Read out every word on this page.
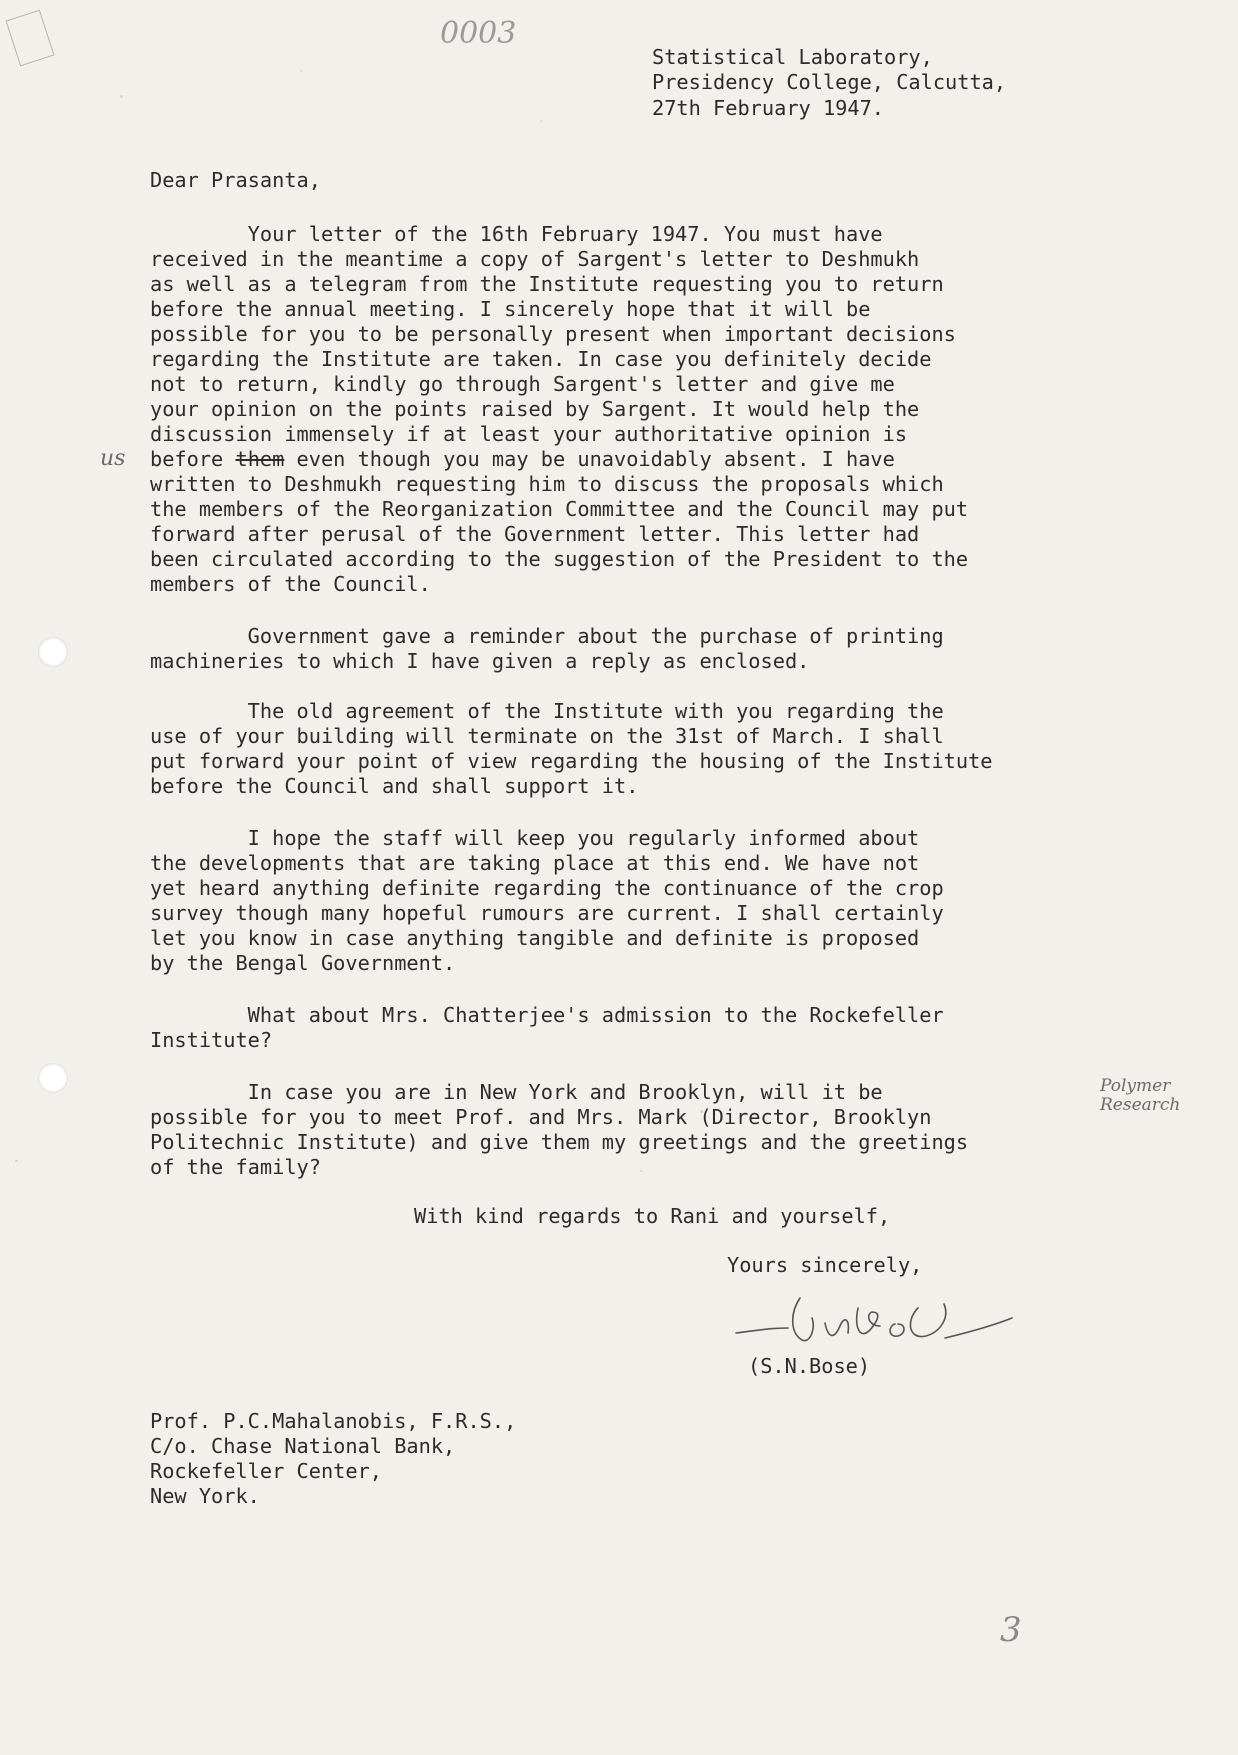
0003
Statistical Laboratory,
Presidency College, Calcutta,
27th February 1947.
Dear Prasanta,
Your letter of the 16th February 1947. You must have
received in the meantime a copy of Sargent's letter to Deshmukh
as well as a telegram from the Institute requesting you to return
before the annual meeting. I sincerely hope that it will be
possible for you to be personally present when important decisions
regarding the Institute are taken. In case you definitely decide
not to return, kindly go through Sargent's letter and give me
your opinion on the points raised by Sargent. It would help the
discussion immensely if at least your authoritative opinion is
us before them even though you may be unavoidably absent. I have
written to Deshmukh requesting him to discuss the proposals which
the members of the Reorganization Committee and the Council may put
forward after perusal of the Government letter. This letter had
been circulated according to the suggestion of the President to the
members of the Council.
Government gave a reminder about the purchase of printing
machineries to which I have given a reply as enclosed.
The old agreement of the Institute with you regarding the
use of your building will terminate on the 31st of March. I shall
put forward your point of view regarding the housing of the Institute
before the Council and shall support it.
I hope the staff will keep you regularly informed about
the developments that are taking place at this end. We have not
yet heard anything definite regarding the continuance of the crop
survey though many hopeful rumours are current. I shall certainly
let you know in case anything tangible and definite is proposed
by the Bengal Government.
What about Mrs. Chatterjee's admission to the Rockefeller
Institute?
In case you are in New York and Brooklyn, will it be
possible for you to meet Prof. and Mrs. Mark (Director, Brooklyn
Politechnic Institute) and give them my greetings and the greetings
of the family?
Polymer Research
With kind regards to Rani and yourself,
Yours sincerely,
(S.N.Bose)
Prof. P.C.Mahalanobis, F.R.S.,
C/o. Chase National Bank,
Rockefeller Center,
New York.
3
